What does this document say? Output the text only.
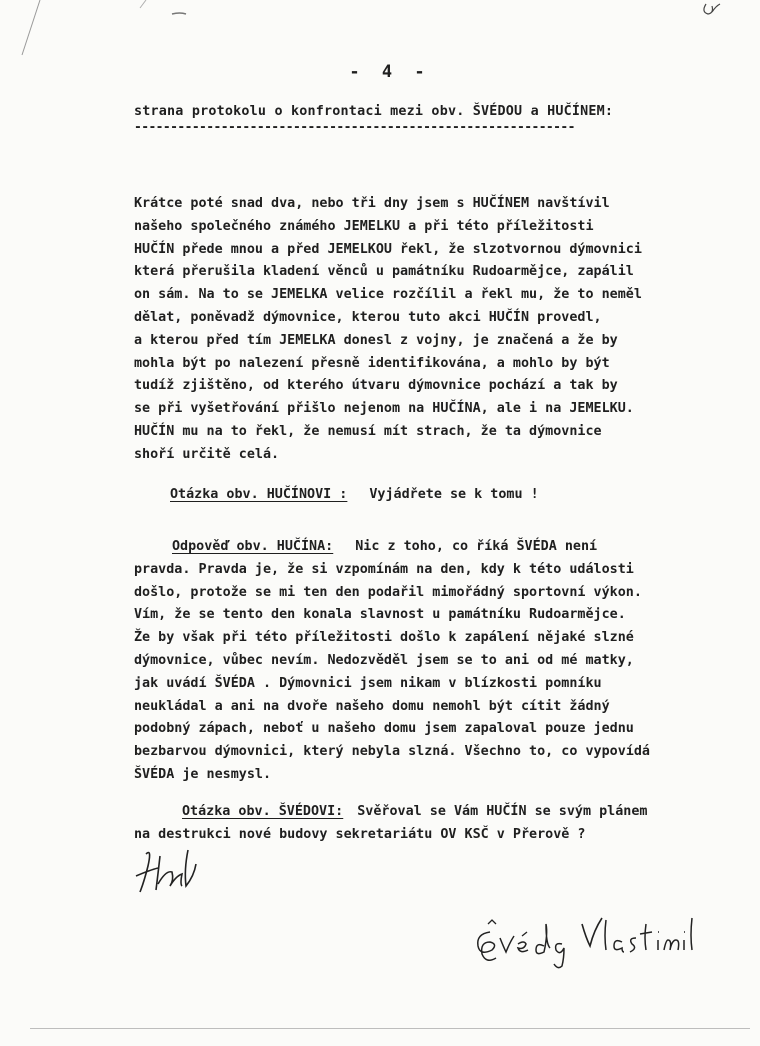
- 4 -
strana protokolu o konfrontaci mezi obv. ŠVÉDOU a HUČÍNEM:
-------------------------------------------------------------
Krátce poté snad dva, nebo tři dny jsem s HUČÍNEM navštívil
našeho společného známého JEMELKU a při této příležitosti
HUČÍN přede mnou a před JEMELKOU řekl, že slzotvornou dýmovnici
která přerušila kladení věnců u památníku Rudoarmějce, zapálil
on sám. Na to se JEMELKA velice rozčílil a řekl mu, že to neměl
dělat, poněvadž dýmovnice, kterou tuto akci HUČÍN provedl,
a kterou před tím JEMELKA donesl z vojny, je značená a že by
mohla být po nalezení přesně identifikována, a mohlo by být
tudíž zjištěno, od kterého útvaru dýmovnice pochází a tak by
se při vyšetřování přišlo nejenom na HUČÍNA, ale i na JEMELKU.
HUČÍN mu na to řekl, že nemusí mít strach, že ta dýmovnice
shoří určitě celá.
Otázka obv. HUČÍNOVI : Vyjádřete se k tomu !
Odpověď obv. HUČÍNA: Nic z toho, co říká ŠVÉDA není
pravda. Pravda je, že si vzpomínám na den, kdy k této události
došlo, protože se mi ten den podařil mimořádný sportovní výkon.
Vím, že se tento den konala slavnost u památníku Rudoarmějce.
Že by však při této příležitosti došlo k zapálení nějaké slzné
dýmovnice, vůbec nevím. Nedozvěděl jsem se to ani od mé matky,
jak uvádí ŠVÉDA . Dýmovnici jsem nikam v blízkosti pomníku
neukládal a ani na dvoře našeho domu nemohl být cítit žádný
podobný zápach, neboť u našeho domu jsem zapaloval pouze jednu
bezbarvou dýmovnici, který nebyla slzná. Všechno to, co vypovídá
ŠVÉDA je nesmysl.
Otázka obv. ŠVÉDOVI: Svěřoval se Vám HUČÍN se svým plánem
na destrukci nové budovy sekretariátu OV KSČ v Přerově ?
